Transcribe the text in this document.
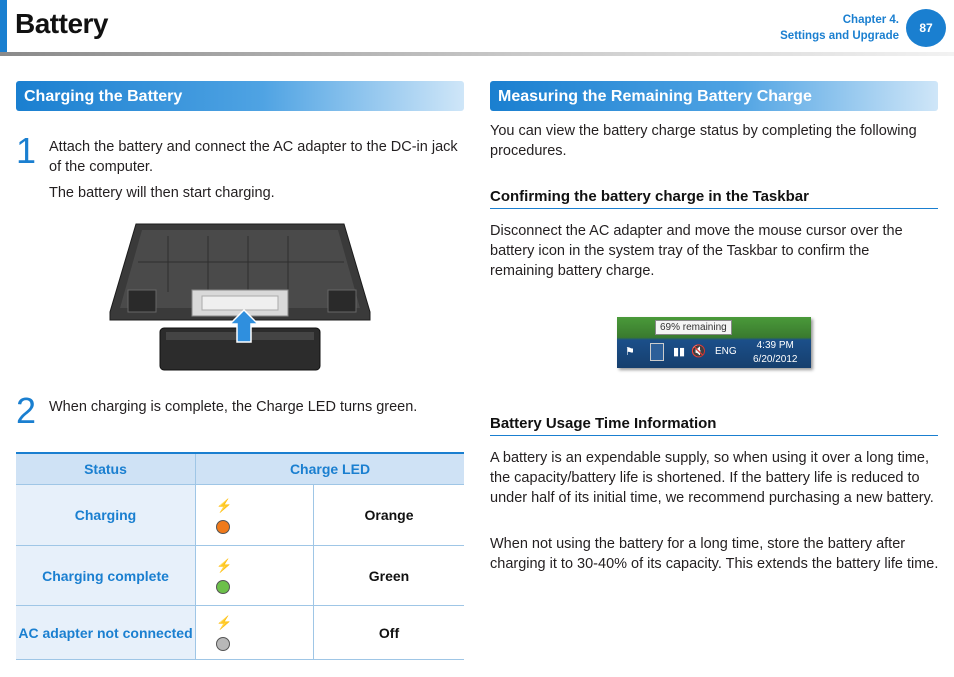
Battery	Chapter 4.
Settings and Upgrade
87
Charging the Battery
1 Attach the battery and connect the AC adapter to the DC-in jack of the computer.
The battery will then start charging.
2 When charging is complete, the Charge LED turns green.
Status	Charge LED	
Charging	⚡	Orange
Charging complete	⚡	Green
AC adapter not connected	⚡	Off
Measuring the Remaining Battery Charge
You can view the battery charge status by completing the following procedures.
Confirming the battery charge in the Taskbar
Disconnect the AC adapter and move the mouse cursor over the battery icon in the system tray of the Taskbar to confirm the remaining battery charge.
69% remaining
⚑	▮▮ 🔇 ENG
4:39 PM
6/20/2012
Battery Usage Time Information
A battery is an expendable supply, so when using it over a long time, the capacity/battery life is shortened. If the battery life is reduced to under half of its initial time, we recommend purchasing a new battery.
When not using the battery for a long time, store the battery after charging it to 30-40% of its capacity. This extends the battery life time.
